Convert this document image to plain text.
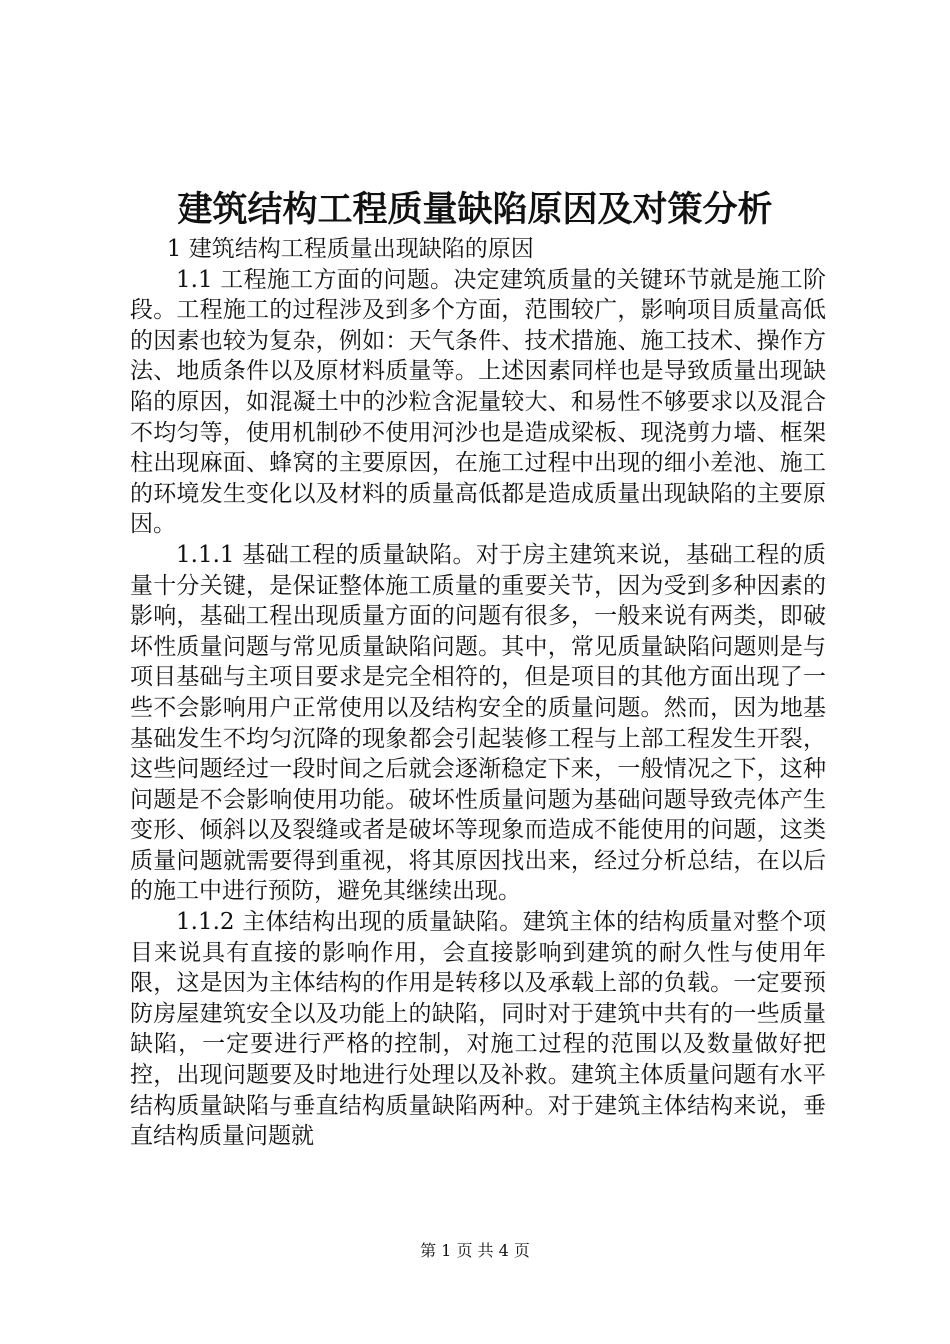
建筑结构工程质量缺陷原因及对策分析

1 建筑结构工程质量出现缺陷的原因

1.1 工程施工方面的问题。决定建筑质量的关键环节就是施工阶段。工程施工的过程涉及到多个方面，范围较广，影响项目质量高低的因素也较为复杂，例如：天气条件、技术措施、施工技术、操作方法、地质条件以及原材料质量等。上述因素同样也是导致质量出现缺陷的原因，如混凝土中的沙粒含泥量较大、和易性不够要求以及混合不均匀等，使用机制砂不使用河沙也是造成梁板、现浇剪力墙、框架柱出现麻面、蜂窝的主要原因，在施工过程中出现的细小差池、施工的环境发生变化以及材料的质量高低都是造成质量出现缺陷的主要原因。

1.1.1 基础工程的质量缺陷。对于房主建筑来说，基础工程的质量十分关键，是保证整体施工质量的重要关节，因为受到多种因素的影响，基础工程出现质量方面的问题有很多，一般来说有两类，即破坏性质量问题与常见质量缺陷问题。其中，常见质量缺陷问题则是与项目基础与主项目要求是完全相符的，但是项目的其他方面出现了一些不会影响用户正常使用以及结构安全的质量问题。然而，因为地基基础发生不均匀沉降的现象都会引起装修工程与上部工程发生开裂，这些问题经过一段时间之后就会逐渐稳定下来，一般情况之下，这种问题是不会影响使用功能。破坏性质量问题为基础问题导致壳体产生变形、倾斜以及裂缝或者是破坏等现象而造成不能使用的问题，这类质量问题就需要得到重视，将其原因找出来，经过分析总结，在以后的施工中进行预防，避免其继续出现。

1.1.2 主体结构出现的质量缺陷。建筑主体的结构质量对整个项目来说具有直接的影响作用，会直接影响到建筑的耐久性与使用年限，这是因为主体结构的作用是转移以及承载上部的负载。一定要预防房屋建筑安全以及功能上的缺陷，同时对于建筑中共有的一些质量缺陷，一定要进行严格的控制，对施工过程的范围以及数量做好把控，出现问题要及时地进行处理以及补救。建筑主体质量问题有水平结构质量缺陷与垂直结构质量缺陷两种。对于建筑主体结构来说，垂直结构质量问题就

第 1 页 共 4 页
